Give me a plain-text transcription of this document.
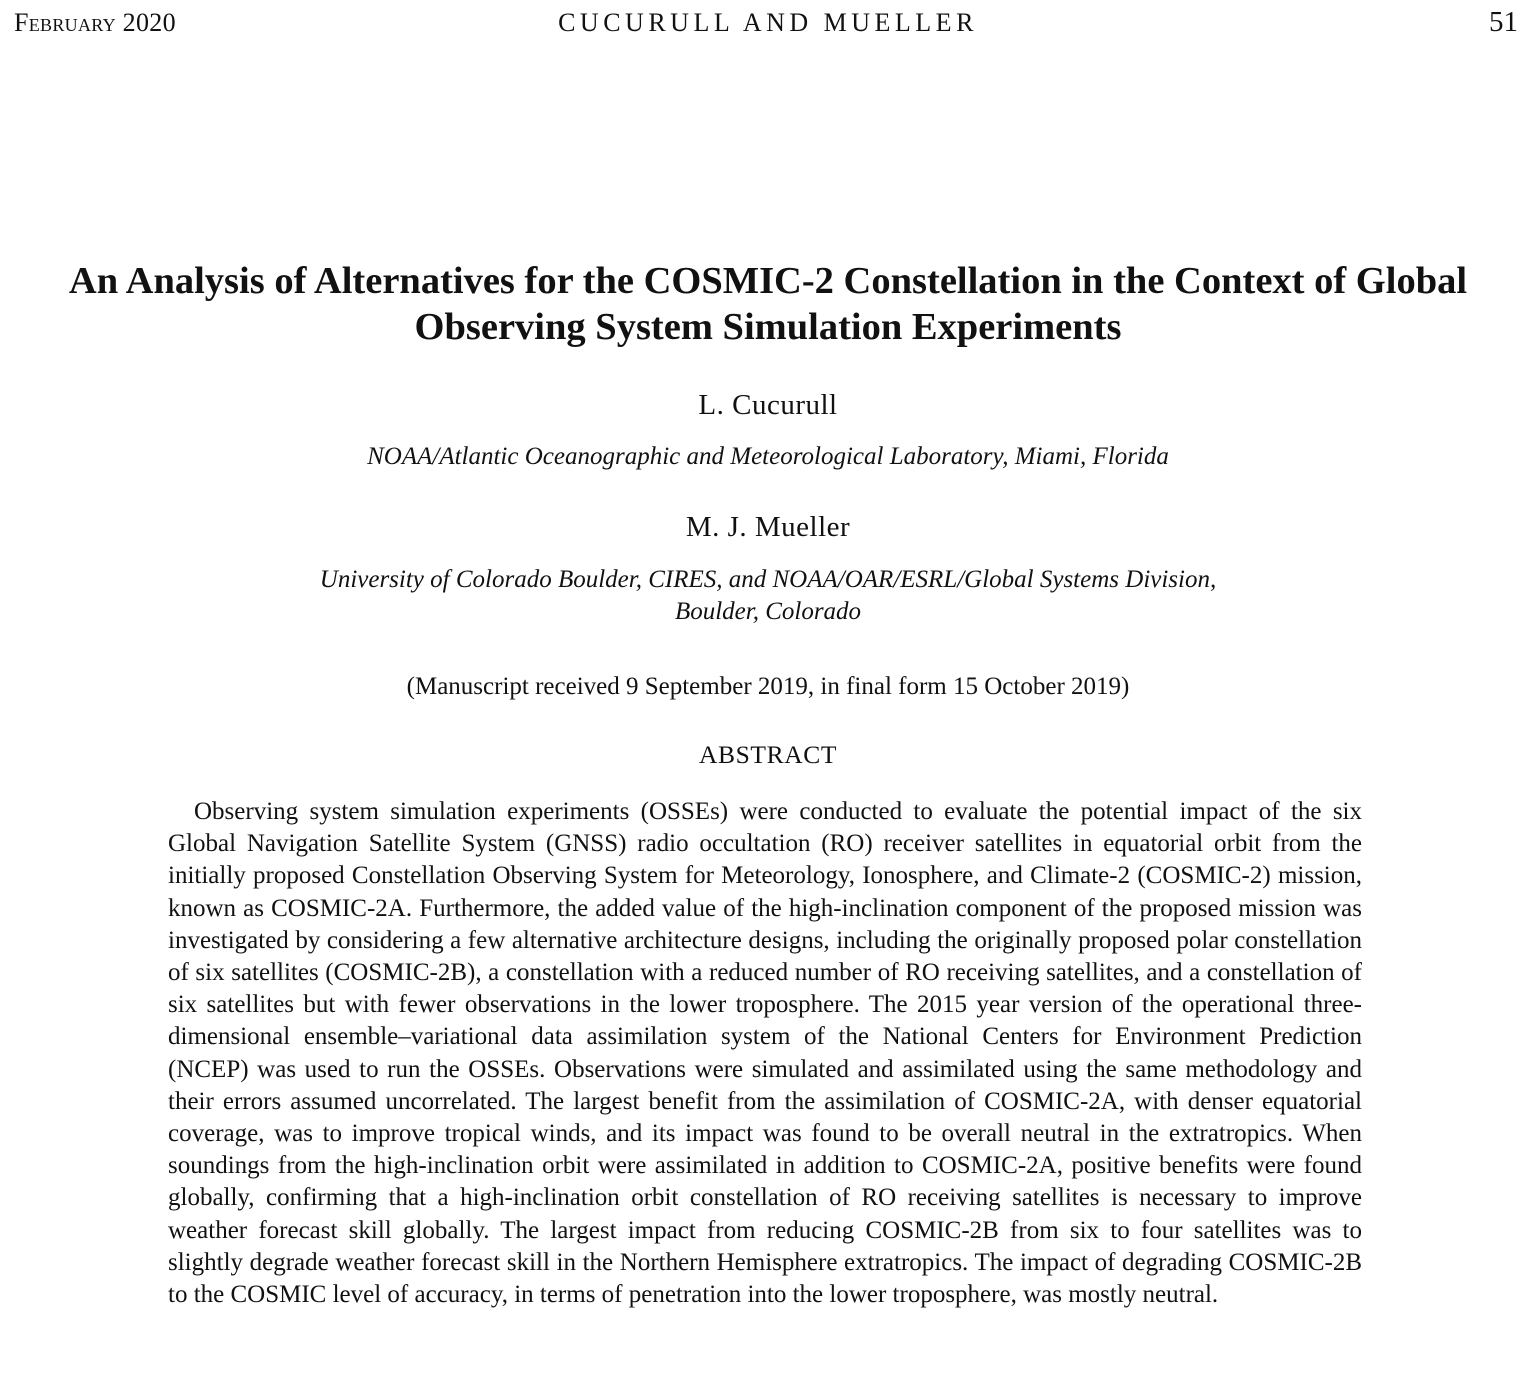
February 2020	CUCURULL AND MUELLER	51
An Analysis of Alternatives for the COSMIC-2 Constellation in the Context of Global Observing System Simulation Experiments
L. Cucurull
NOAA/Atlantic Oceanographic and Meteorological Laboratory, Miami, Florida
M. J. Mueller
University of Colorado Boulder, CIRES, and NOAA/OAR/ESRL/Global Systems Division,
Boulder, Colorado
(Manuscript received 9 September 2019, in final form 15 October 2019)
ABSTRACT

Observing system simulation experiments (OSSEs) were conducted to evaluate the potential impact of the six Global Navigation Satellite System (GNSS) radio occultation (RO) receiver satellites in equatorial orbit from the initially proposed Constellation Observing System for Meteorology, Ionosphere, and Climate-2 (COSMIC-2) mission, known as COSMIC-2A. Furthermore, the added value of the high-inclination component of the proposed mission was investigated by considering a few alternative architecture designs, including the originally proposed polar constellation of six satellites (COSMIC-2B), a constellation with a reduced number of RO receiving satellites, and a constellation of six satellites but with fewer observations in the lower troposphere. The 2015 year version of the operational three-dimensional ensemble–variational data assimilation system of the National Centers for Environment Prediction (NCEP) was used to run the OSSEs. Observations were simulated and assimilated using the same methodology and their errors assumed uncorrelated. The largest benefit from the assimilation of COSMIC-2A, with denser equatorial coverage, was to improve tropical winds, and its impact was found to be overall neutral in the extratropics. When soundings from the high-inclination orbit were assimilated in addition to COSMIC-2A, positive benefits were found globally, confirming that a high-inclination orbit constellation of RO receiving satellites is necessary to improve weather forecast skill globally. The largest impact from reducing COSMIC-2B from six to four satellites was to slightly degrade weather forecast skill in the Northern Hemisphere extratropics. The impact of degrading COSMIC-2B to the COSMIC level of accuracy, in terms of penetration into the lower troposphere, was mostly neutral.
